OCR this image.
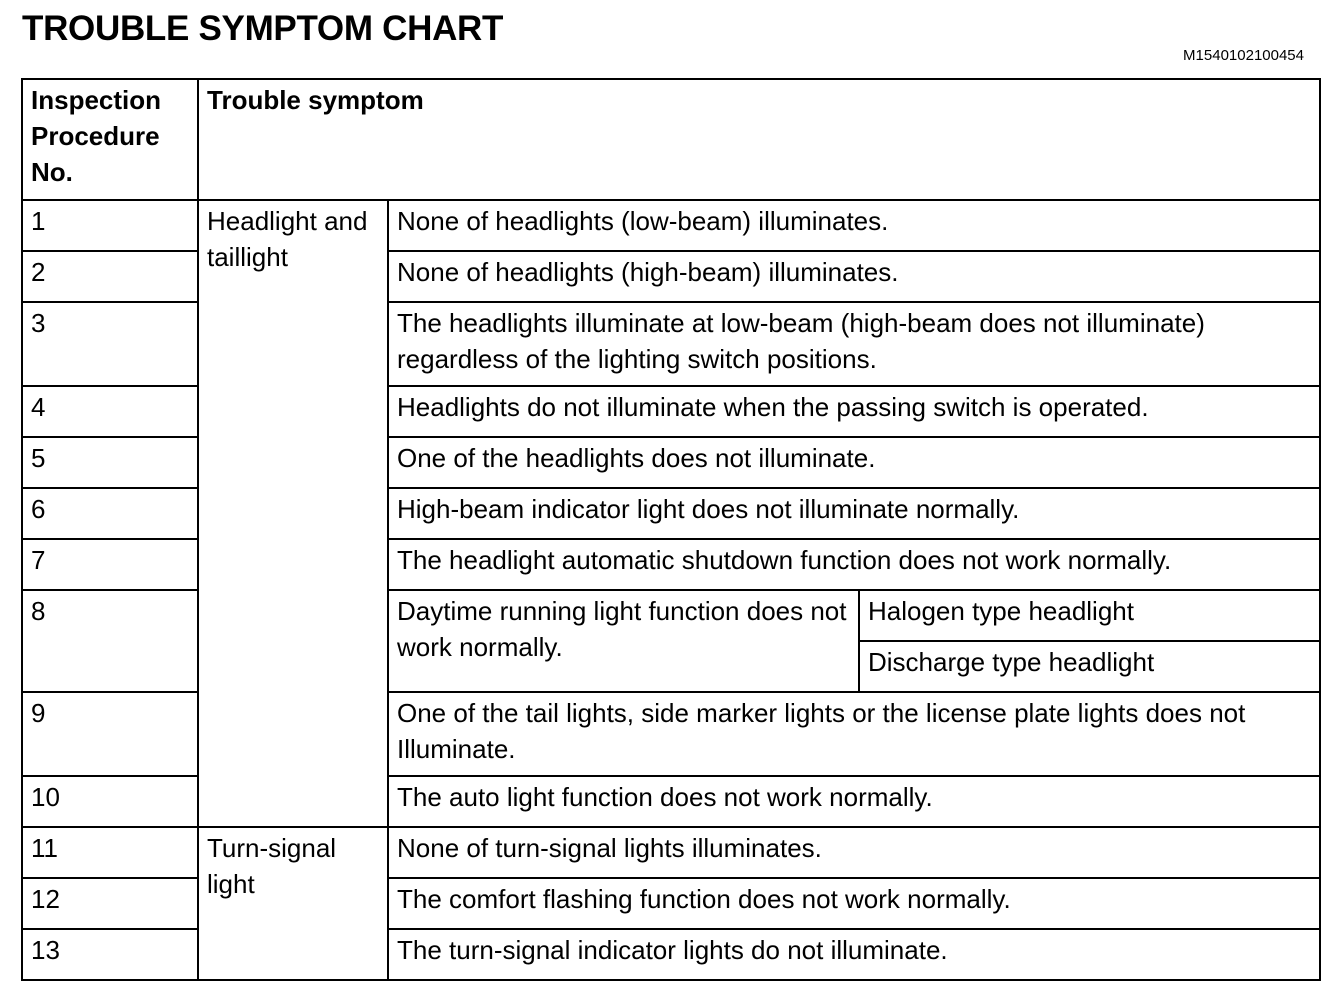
TROUBLE SYMPTOM CHART
M1540102100454
Inspection Procedure No.	Trouble symptom		
1	Headlight and taillight	None of headlights (low-beam) illuminates.	
2		None of headlights (high-beam) illuminates.	
3		The headlights illuminate at low-beam (high-beam does not illuminate) regardless of the lighting switch positions.	
4		Headlights do not illuminate when the passing switch is operated.	
5		One of the headlights does not illuminate.	
6		High-beam indicator light does not illuminate normally.	
7		The headlight automatic shutdown function does not work normally.	
8		Daytime running light function does not work normally.	Halogen type headlight
			Discharge type headlight
9		One of the tail lights, side marker lights or the license plate lights does not Illuminate.	
10		The auto light function does not work normally.	
11	Turn-signal light	None of turn-signal lights illuminates.	
12		The comfort flashing function does not work normally.	
13		The turn-signal indicator lights do not illuminate.	
